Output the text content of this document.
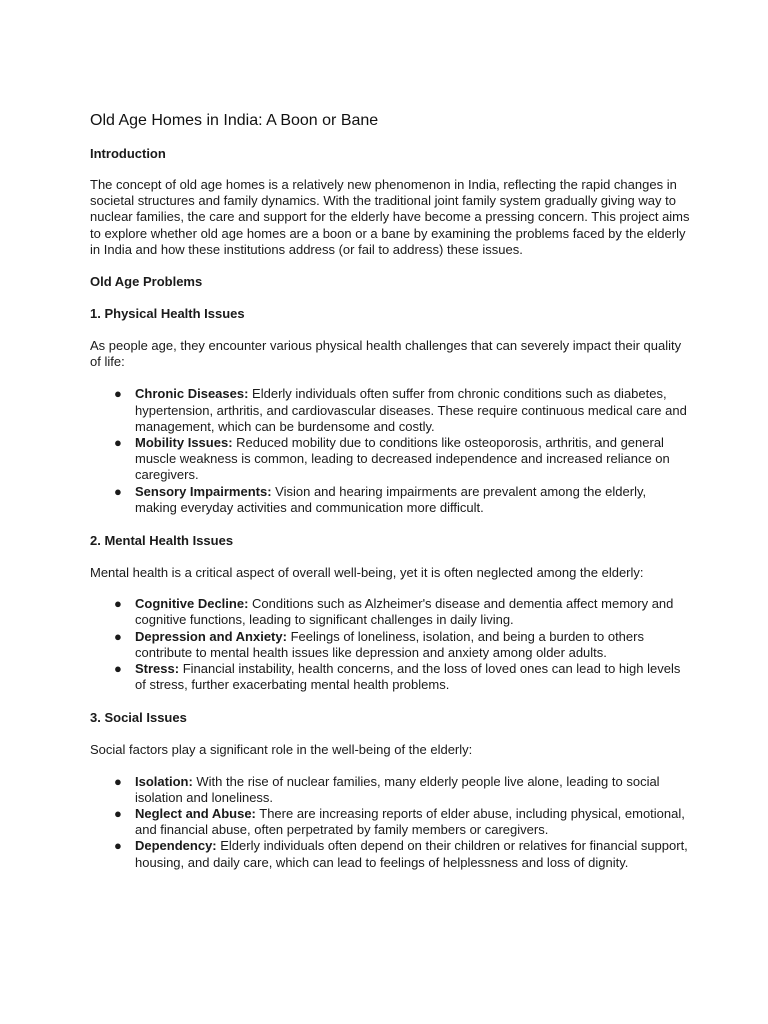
Old Age Homes in India: A Boon or Bane
Introduction

The concept of old age homes is a relatively new phenomenon in India, reflecting the rapid changes in societal structures and family dynamics. With the traditional joint family system gradually giving way to nuclear families, the care and support for the elderly have become a pressing concern. This project aims to explore whether old age homes are a boon or a bane by examining the problems faced by the elderly in India and how these institutions address (or fail to address) these issues.

Old Age Problems
1. Physical Health Issues

As people age, they encounter various physical health challenges that can severely impact their quality of life:

● Chronic Diseases: Elderly individuals often suffer from chronic conditions such as diabetes, hypertension, arthritis, and cardiovascular diseases. These require continuous medical care and management, which can be burdensome and costly.
● Mobility Issues: Reduced mobility due to conditions like osteoporosis, arthritis, and general muscle weakness is common, leading to decreased independence and increased reliance on caregivers.
● Sensory Impairments: Vision and hearing impairments are prevalent among the elderly, making everyday activities and communication more difficult.
2. Mental Health Issues

Mental health is a critical aspect of overall well-being, yet it is often neglected among the elderly:

● Cognitive Decline: Conditions such as Alzheimer's disease and dementia affect memory and cognitive functions, leading to significant challenges in daily living.
● Depression and Anxiety: Feelings of loneliness, isolation, and being a burden to others contribute to mental health issues like depression and anxiety among older adults.
● Stress: Financial instability, health concerns, and the loss of loved ones can lead to high levels of stress, further exacerbating mental health problems.
3. Social Issues

Social factors play a significant role in the well-being of the elderly:

● Isolation: With the rise of nuclear families, many elderly people live alone, leading to social isolation and loneliness.
● Neglect and Abuse: There are increasing reports of elder abuse, including physical, emotional, and financial abuse, often perpetrated by family members or caregivers.
● Dependency: Elderly individuals often depend on their children or relatives for financial support, housing, and daily care, which can lead to feelings of helplessness and loss of dignity.
